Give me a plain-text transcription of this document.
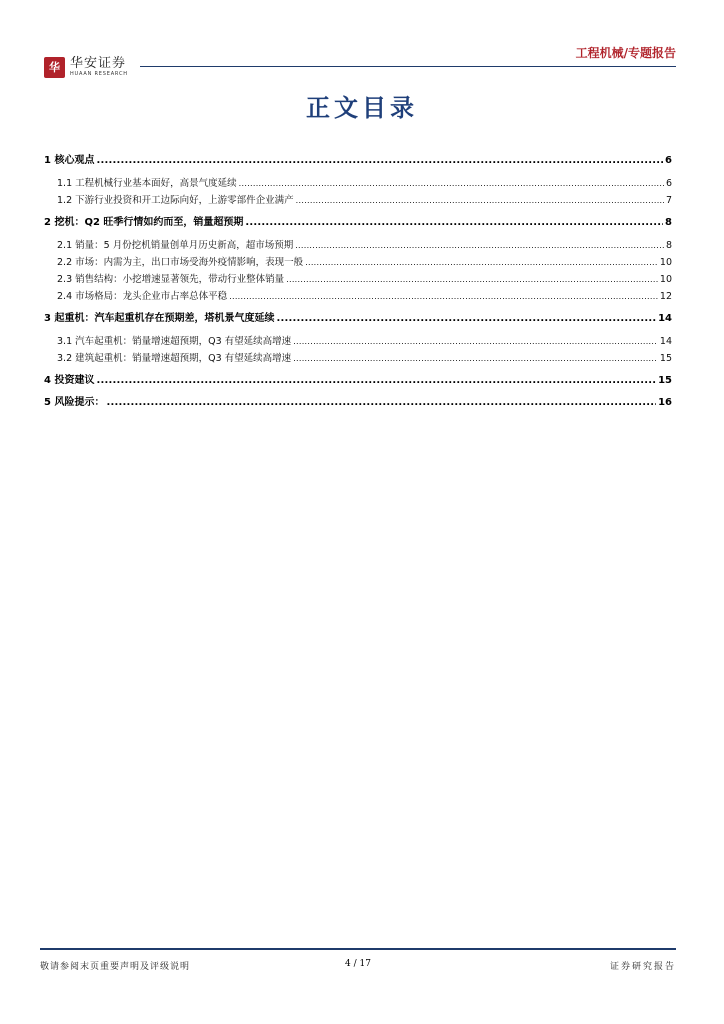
华 华安证券
HUAAN RESEARCH
工程机械/专题报告
正文目录
1 核心观点 .....	6
1.1 工程机械行业基本面好，高景气度延续 .....	6
1.2 下游行业投资和开工边际向好，上游零部件企业满产 .....	7
2 挖机：Q2 旺季行情如约而至，销量超预期 .....	8
2.1 销量：5 月份挖机销量创单月历史新高，超市场预期 .....	8
2.2 市场：内需为主，出口市场受海外疫情影响，表现一般 .....	10
2.3 销售结构：小挖增速显著领先，带动行业整体销量 .....	10
2.4 市场格局：龙头企业市占率总体平稳 .....	12
3 起重机：汽车起重机存在预期差，塔机景气度延续 .....	14
3.1 汽车起重机：销量增速超预期，Q3 有望延续高增速 .....	14
3.2 建筑起重机：销量增速超预期，Q3 有望延续高增速 .....	15
4 投资建议 .....	15
5 风险提示： .....	16
敬请参阅末页重要声明及评级说明	证券研究报告
4 / 17
